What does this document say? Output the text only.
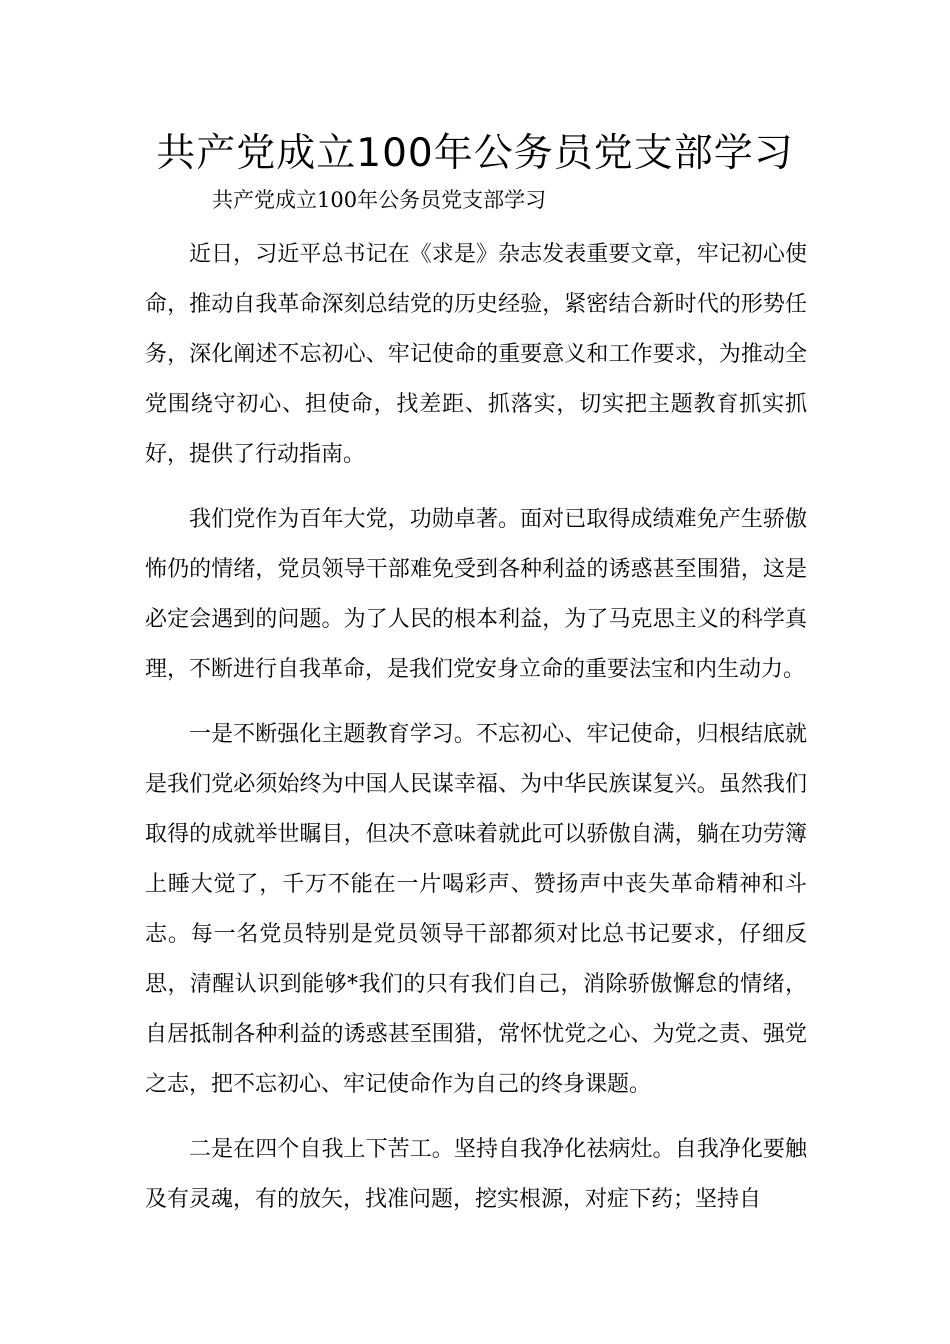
共产党成立100年公务员党支部学习

共产党成立100年公务员党支部学习

近日，习近平总书记在《求是》杂志发表重要文章，牢记初心使命，推动自我革命深刻总结党的历史经验，紧密结合新时代的形势任务，深化阐述不忘初心、牢记使命的重要意义和工作要求，为推动全党围绕守初心、担使命，找差距、抓落实，切实把主题教育抓实抓好，提供了行动指南。

我们党作为百年大党，功勋卓著。面对已取得成绩难免产生骄傲怖仍的情绪，党员领导干部难免受到各种利益的诱惑甚至围猎，这是必定会遇到的问题。为了人民的根本利益，为了马克思主义的科学真理，不断进行自我革命，是我们党安身立命的重要法宝和内生动力。

一是不断强化主题教育学习。不忘初心、牢记使命，归根结底就是我们党必须始终为中国人民谋幸福、为中华民族谋复兴。虽然我们取得的成就举世瞩目，但决不意味着就此可以骄傲自满，躺在功劳簿上睡大觉了，千万不能在一片喝彩声、赞扬声中丧失革命精神和斗志。每一名党员特别是党员领导干部都须对比总书记要求，仔细反思，清醒认识到能够*我们的只有我们自己，消除骄傲懈怠的情绪，自居抵制各种利益的诱惑甚至围猎，常怀忧党之心、为党之责、强党之志，把不忘初心、牢记使命作为自己的终身课题。

二是在四个自我上下苦工。坚持自我净化祛病灶。自我净化要触及有灵魂，有的放矢，找准问题，挖实根源，对症下药；坚持自
